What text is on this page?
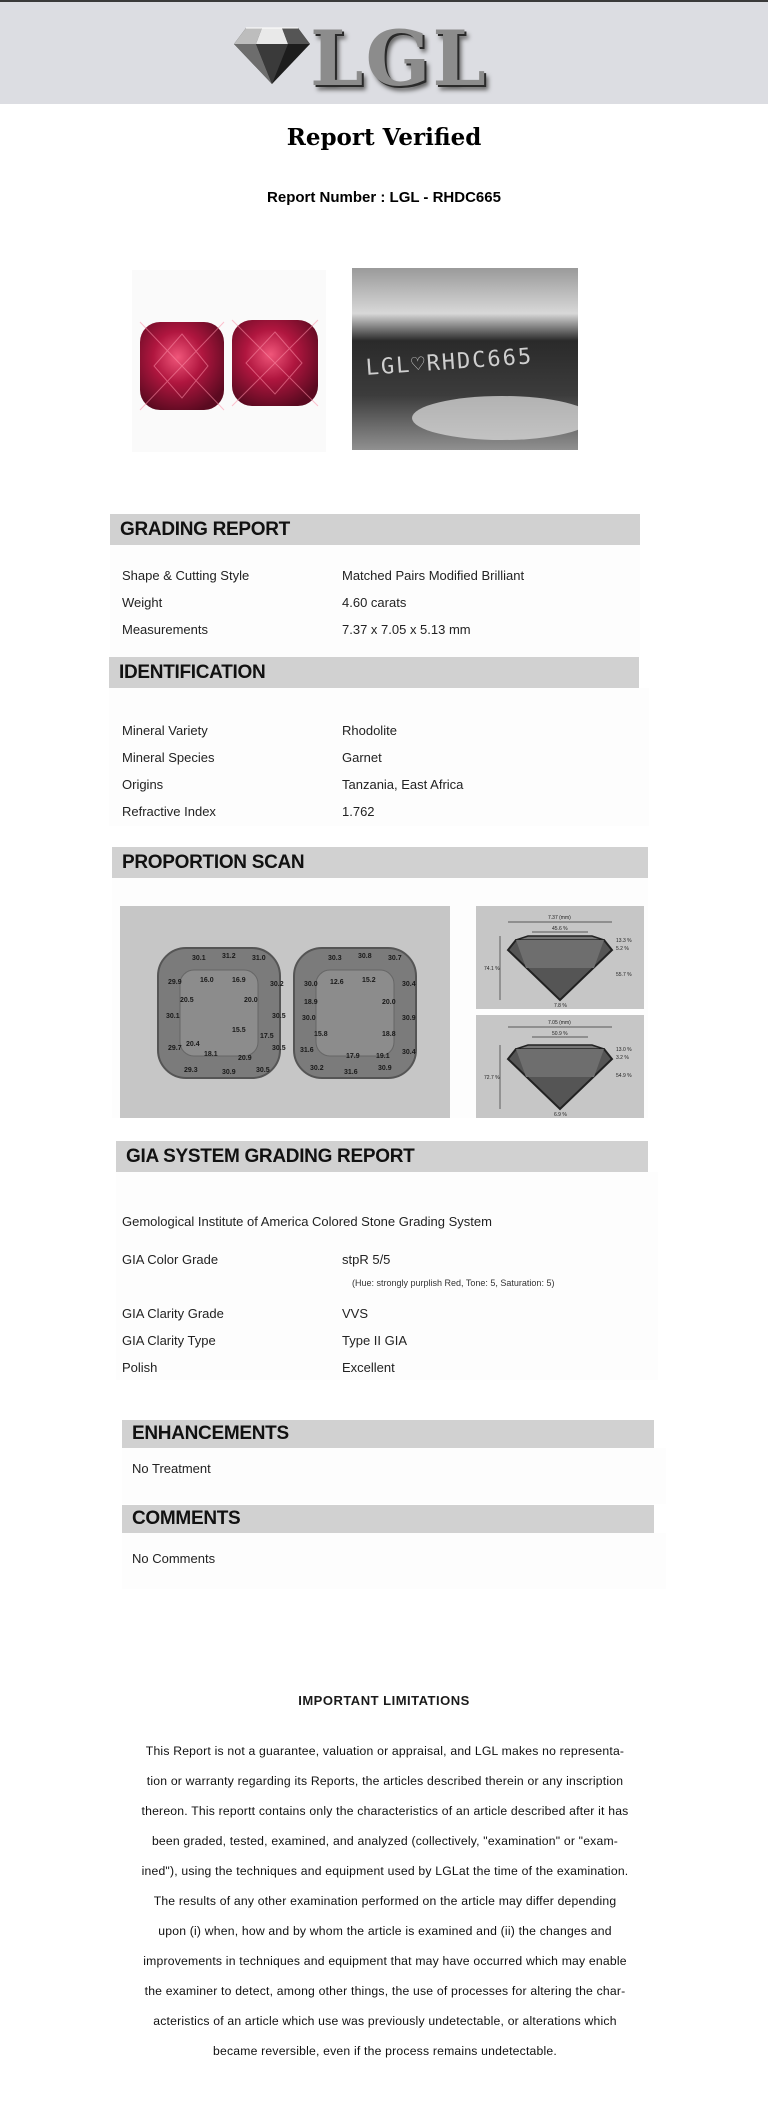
LGL
Report Verified
Report Number : LGL - RHDC665
LGL♡RHDC665
GRADING REPORT
Shape & Cutting Style	Matched Pairs Modified Brilliant
Weight	4.60 carats
Measurements	7.37 x 7.05 x 5.13 mm
IDENTIFICATION
Mineral Variety	Rhodolite
Mineral Species	Garnet
Origins	Tanzania, East Africa
Refractive Index	1.762
PROPORTION SCAN
30.1 31.2 31.0
29.9	16.0	16.9
30.2
20.5	20.0
30.1	30.5
15.5
17.5
29.7
20.4
30.5
18.1
20.9
29.3	30.9	30.5
30.3 30.8 30.7
12.6	15.2
30.0	30.4
18.9	20.0
30.0	30.9
15.8	18.8
31.6
17.9 19.1
30.4
30.2
31.6
30.9
7.37 (mm)
45.6 %
74.1 %
13.3 %
5.2 %
55.7 %
7.8 %
7.05 (mm)
50.9 %
72.7 %
13.0 %
3.2 %
54.9 %
6.9 %
GIA SYSTEM GRADING REPORT
Gemological Institute of America Colored Stone Grading System
GIA Color Grade	stpR 5/5
(Hue: strongly purplish Red, Tone: 5, Saturation: 5)
GIA Clarity Grade	VVS
GIA Clarity Type	Type II GIA
Polish	Excellent
ENHANCEMENTS
No Treatment
COMMENTS
No Comments
IMPORTANT LIMITATIONS
This Report is not a guarantee, valuation or appraisal, and LGL makes no representa-
tion or warranty regarding its Reports, the articles described therein or any inscription
thereon. This reportt contains only the characteristics of an article described after it has
been graded, tested, examined, and analyzed (collectively, "examination" or "exam-
ined"), using the techniques and equipment used by LGLat the time of the examination.
The results of any other examination performed on the article may differ depending
upon (i) when, how and by whom the article is examined and (ii) the changes and
improvements in techniques and equipment that may have occurred which may enable
the examiner to detect, among other things, the use of processes for altering the char-
acteristics of an article which use was previously undetectable, or alterations which
became reversible, even if the process remains undetectable.
